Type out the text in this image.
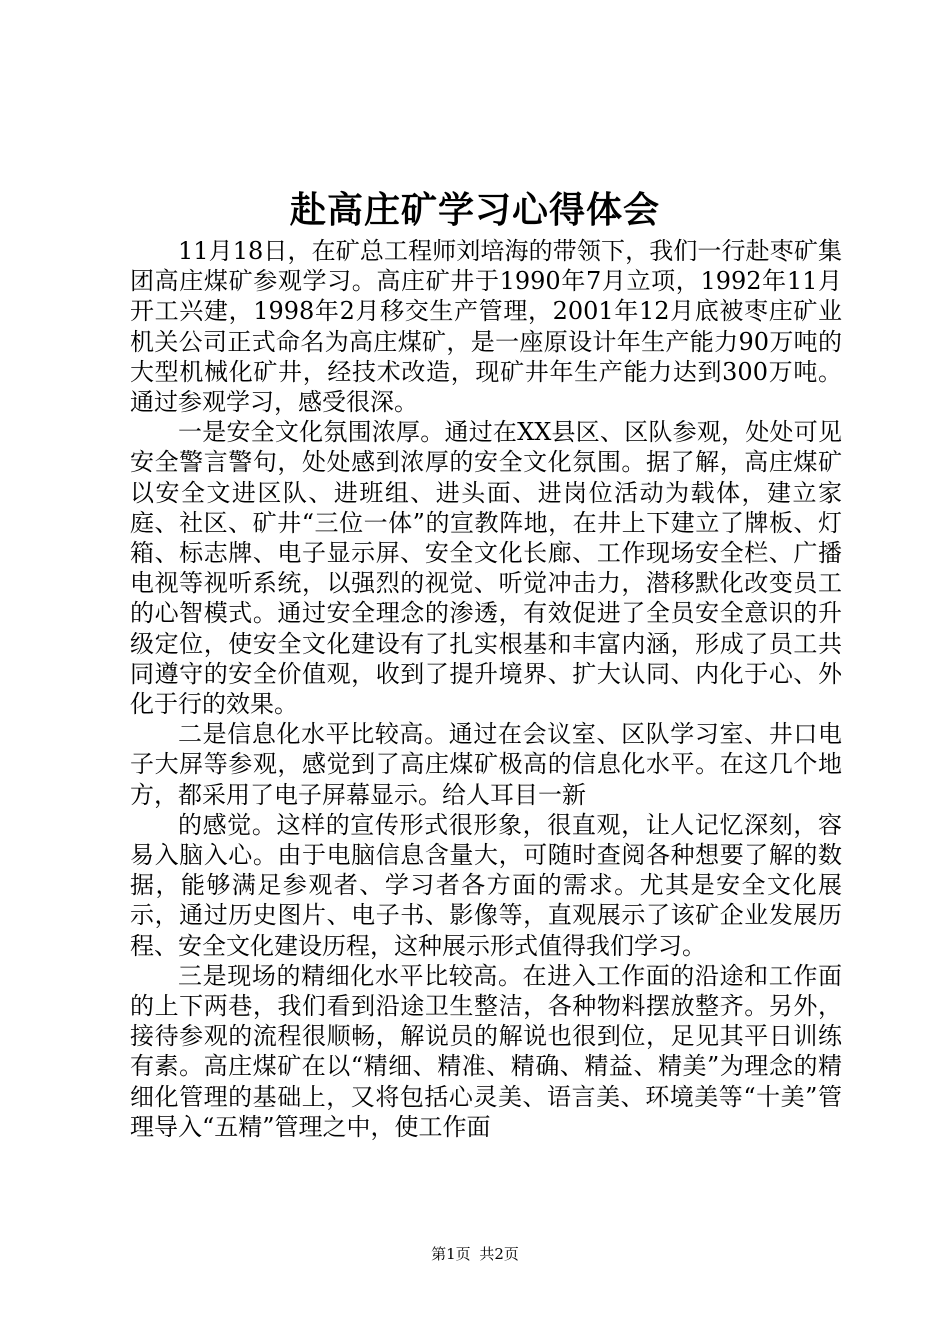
赴高庄矿学习心得体会

11月18日，在矿总工程师刘培海的带领下，我们一行赴枣矿集团高庄煤矿参观学习。高庄矿井于1990年7月立项，1992年11月开工兴建，1998年2月移交生产管理，2001年12月底被枣庄矿业机关公司正式命名为高庄煤矿，是一座原设计年生产能力90万吨的大型机械化矿井，经技术改造，现矿井年生产能力达到300万吨。通过参观学习，感受很深。

一是安全文化氛围浓厚。通过在XX县区、区队参观，处处可见安全警言警句，处处感到浓厚的安全文化氛围。据了解，高庄煤矿以安全文进区队、进班组、进头面、进岗位活动为载体，建立家庭、社区、矿井“三位一体”的宣教阵地，在井上下建立了牌板、灯箱、标志牌、电子显示屏、安全文化长廊、工作现场安全栏、广播电视等视听系统，以强烈的视觉、听觉冲击力，潜移默化改变员工的心智模式。通过安全理念的渗透，有效促进了全员安全意识的升级定位，使安全文化建设有了扎实根基和丰富内涵，形成了员工共同遵守的安全价值观，收到了提升境界、扩大认同、内化于心、外化于行的效果。

二是信息化水平比较高。通过在会议室、区队学习室、井口电子大屏等参观，感觉到了高庄煤矿极高的信息化水平。在这几个地方，都采用了电子屏幕显示。给人耳目一新

的感觉。这样的宣传形式很形象，很直观，让人记忆深刻，容易入脑入心。由于电脑信息含量大，可随时查阅各种想要了解的数据，能够满足参观者、学习者各方面的需求。尤其是安全文化展示，通过历史图片、电子书、影像等，直观展示了该矿企业发展历程、安全文化建设历程，这种展示形式值得我们学习。

三是现场的精细化水平比较高。在进入工作面的沿途和工作面的上下两巷，我们看到沿途卫生整洁，各种物料摆放整齐。另外，接待参观的流程很顺畅，解说员的解说也很到位，足见其平日训练有素。高庄煤矿在以“精细、精准、精确、精益、精美”为理念的精细化管理的基础上，又将包括心灵美、语言美、环境美等“十美”管理导入“五精”管理之中，使工作面

第1页 共2页
